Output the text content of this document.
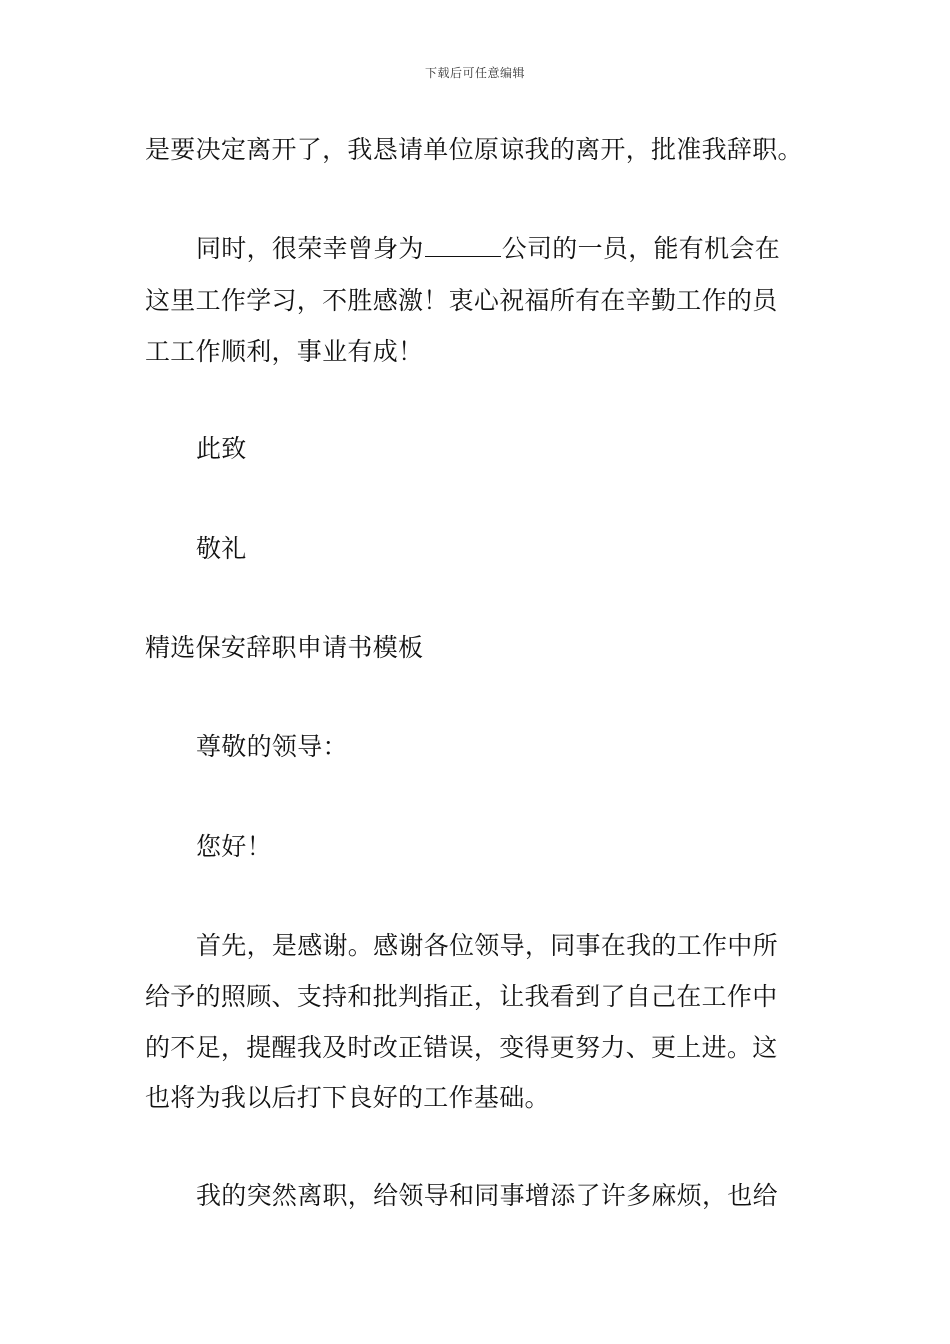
下载后可任意编辑
是要决定离开了，我恳请单位原谅我的离开，批准我辞职。
同时，很荣幸曾身为	公司的一员，能有机会在
这里工作学习，不胜感激！衷心祝福所有在辛勤工作的员
工工作顺利，事业有成！
此致
敬礼
精选保安辞职申请书模板
尊敬的领导：
您好！
首先，是感谢。感谢各位领导，同事在我的工作中所
给予的照顾、支持和批判指正，让我看到了自己在工作中
的不足，提醒我及时改正错误，变得更努力、更上进。这
也将为我以后打下良好的工作基础。
我的突然离职，给领导和同事增添了许多麻烦，也给
